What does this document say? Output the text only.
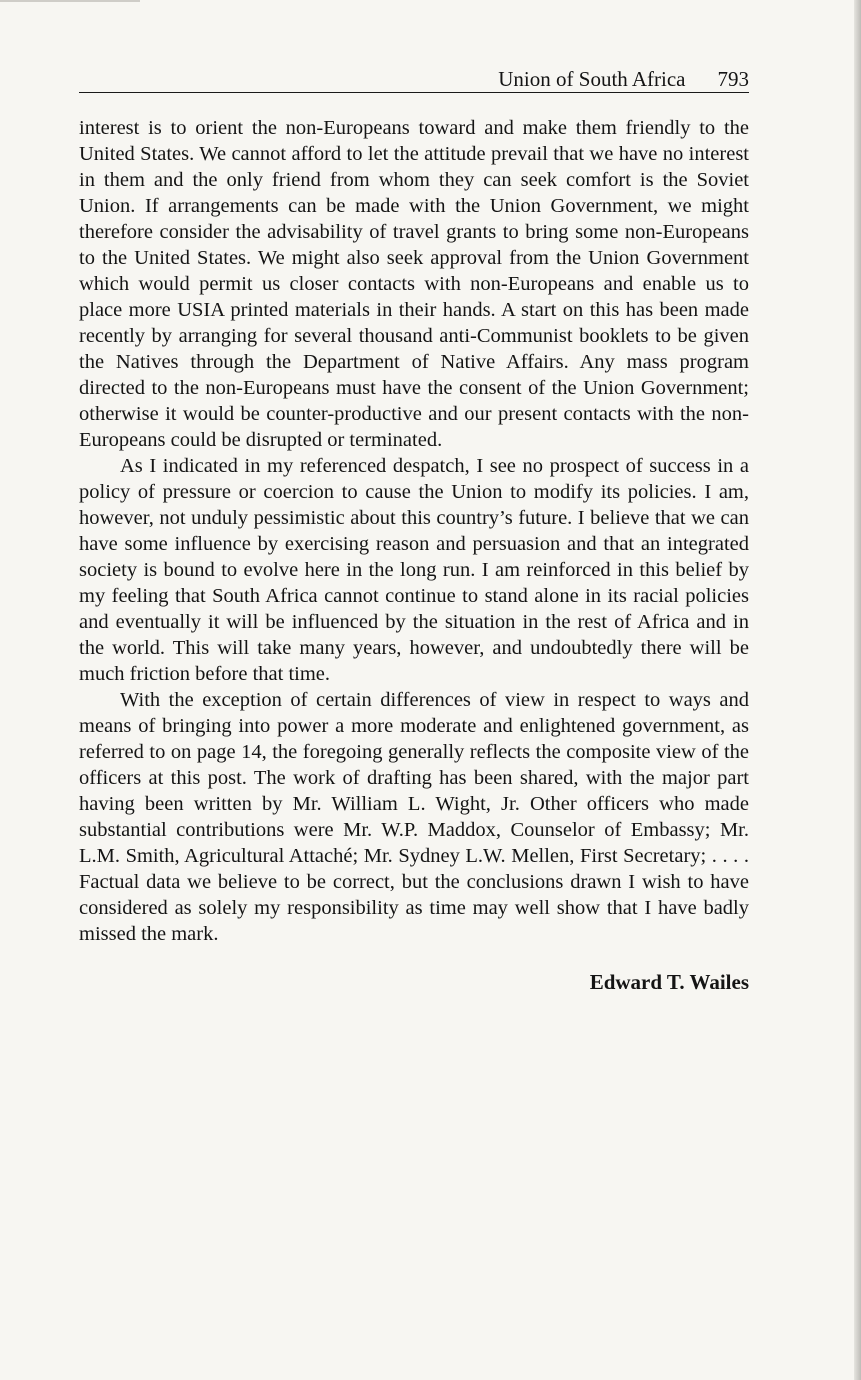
Union of South Africa 793

interest is to orient the non-Europeans toward and make them friendly to the United States. We cannot afford to let the attitude prevail that we have no interest in them and the only friend from whom they can seek comfort is the Soviet Union. If arrangements can be made with the Union Government, we might therefore consider the advisability of travel grants to bring some non-Europeans to the United States. We might also seek approval from the Union Government which would permit us closer contacts with non-Europeans and enable us to place more USIA printed materials in their hands. A start on this has been made recently by arranging for several thousand anti-Communist booklets to be given the Natives through the Department of Native Affairs. Any mass program directed to the non-Europeans must have the consent of the Union Government; otherwise it would be counter-productive and our present contacts with the non-Europeans could be disrupted or terminated.

As I indicated in my referenced despatch, I see no prospect of success in a policy of pressure or coercion to cause the Union to modify its policies. I am, however, not unduly pessimistic about this country’s future. I believe that we can have some influence by exercising reason and persuasion and that an integrated society is bound to evolve here in the long run. I am reinforced in this belief by my feeling that South Africa cannot continue to stand alone in its racial policies and eventually it will be influenced by the situation in the rest of Africa and in the world. This will take many years, however, and undoubtedly there will be much friction before that time.

With the exception of certain differences of view in respect to ways and means of bringing into power a more moderate and enlightened government, as referred to on page 14, the foregoing generally reflects the composite view of the officers at this post. The work of drafting has been shared, with the major part having been written by Mr. William L. Wight, Jr. Other officers who made substantial contributions were Mr. W.P. Maddox, Counselor of Embassy; Mr. L.M. Smith, Agricultural Attaché; Mr. Sydney L.W. Mellen, First Secretary; . . . . Factual data we believe to be correct, but the conclusions drawn I wish to have considered as solely my responsibility as time may well show that I have badly missed the mark.

Edward T. Wailes
